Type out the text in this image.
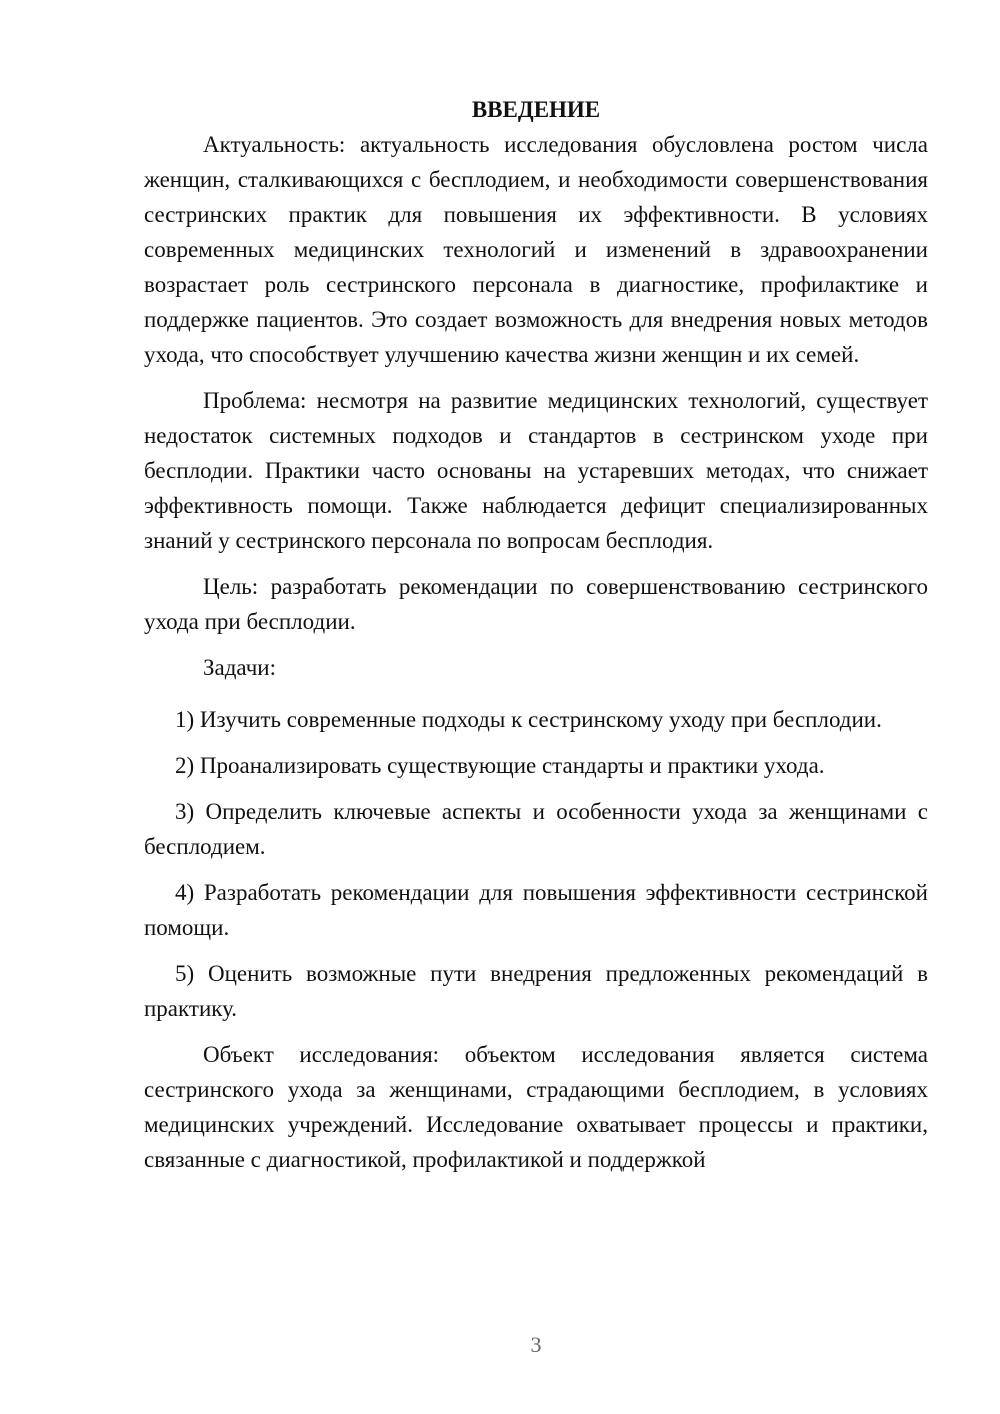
ВВЕДЕНИЕ

Актуальность: актуальность исследования обусловлена ростом числа женщин, сталкивающихся с бесплодием, и необходимости совершенствования сестринских практик для повышения их эффективности. В условиях современных медицинских технологий и изменений в здравоохранении возрастает роль сестринского персонала в диагностике, профилактике и поддержке пациентов. Это создает возможность для внедрения новых методов ухода, что способствует улучшению качества жизни женщин и их семей.

Проблема: несмотря на развитие медицинских технологий, существует недостаток системных подходов и стандартов в сестринском уходе при бесплодии. Практики часто основаны на устаревших методах, что снижает эффективность помощи. Также наблюдается дефицит специализированных знаний у сестринского персонала по вопросам бесплодия.

Цель: разработать рекомендации по совершенствованию сестринского ухода при бесплодии.

Задачи:

1) Изучить современные подходы к сестринскому уходу при бесплодии.

2) Проанализировать существующие стандарты и практики ухода.

3) Определить ключевые аспекты и особенности ухода за женщинами с бесплодием.

4) Разработать рекомендации для повышения эффективности сестринской помощи.

5) Оценить возможные пути внедрения предложенных рекомендаций в практику.

Объект исследования: объектом исследования является система сестринского ухода за женщинами, страдающими бесплодием, в условиях медицинских учреждений. Исследование охватывает процессы и практики, связанные с диагностикой, профилактикой и поддержкой

3
